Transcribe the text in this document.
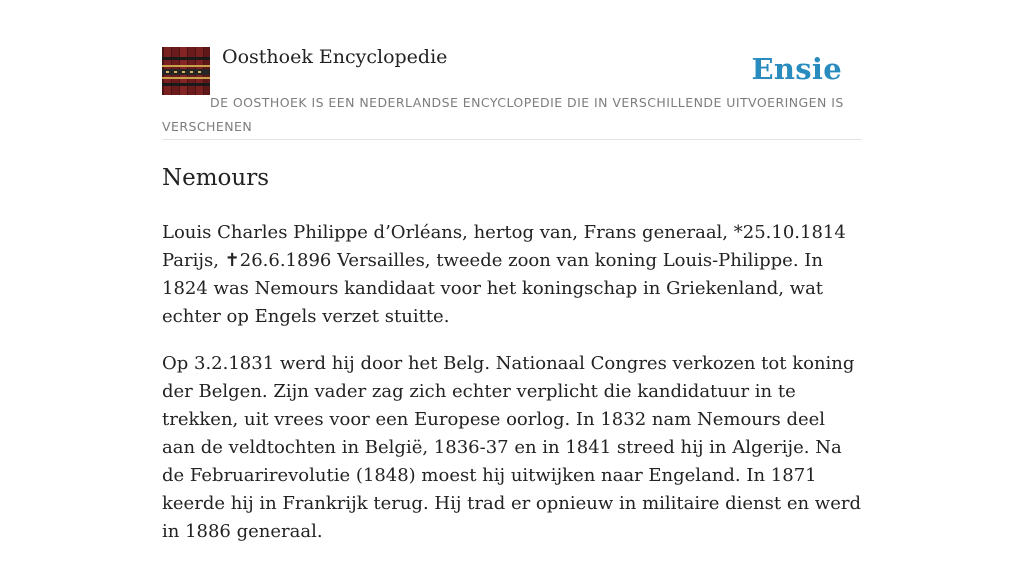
Oosthoek Encyclopedie	Ensie
DE OOSTHOEK IS EEN NEDERLANDSE ENCYCLOPEDIE DIE IN VERSCHILLENDE UITVOERINGEN IS VERSCHENEN
Nemours

Louis Charles Philippe d’Orléans, hertog van, Frans generaal, *25.10.1814 Parijs, ✝26.6.1896 Versailles, tweede zoon van koning Louis-Philippe. In 1824 was Nemours kandidaat voor het koningschap in Griekenland, wat echter op Engels verzet stuitte.

Op 3.2.1831 werd hij door het Belg. Nationaal Congres verkozen tot koning der Belgen. Zijn vader zag zich echter verplicht die kandidatuur in te trekken, uit vrees voor een Europese oorlog. In 1832 nam Nemours deel aan de veldtochten in België, 1836-37 en in 1841 streed hij in Algerije. Na de Februarirevolutie (1848) moest hij uitwijken naar Engeland. In 1871 keerde hij in Frankrijk terug. Hij trad er opnieuw in militaire dienst en werd in 1886 generaal.
